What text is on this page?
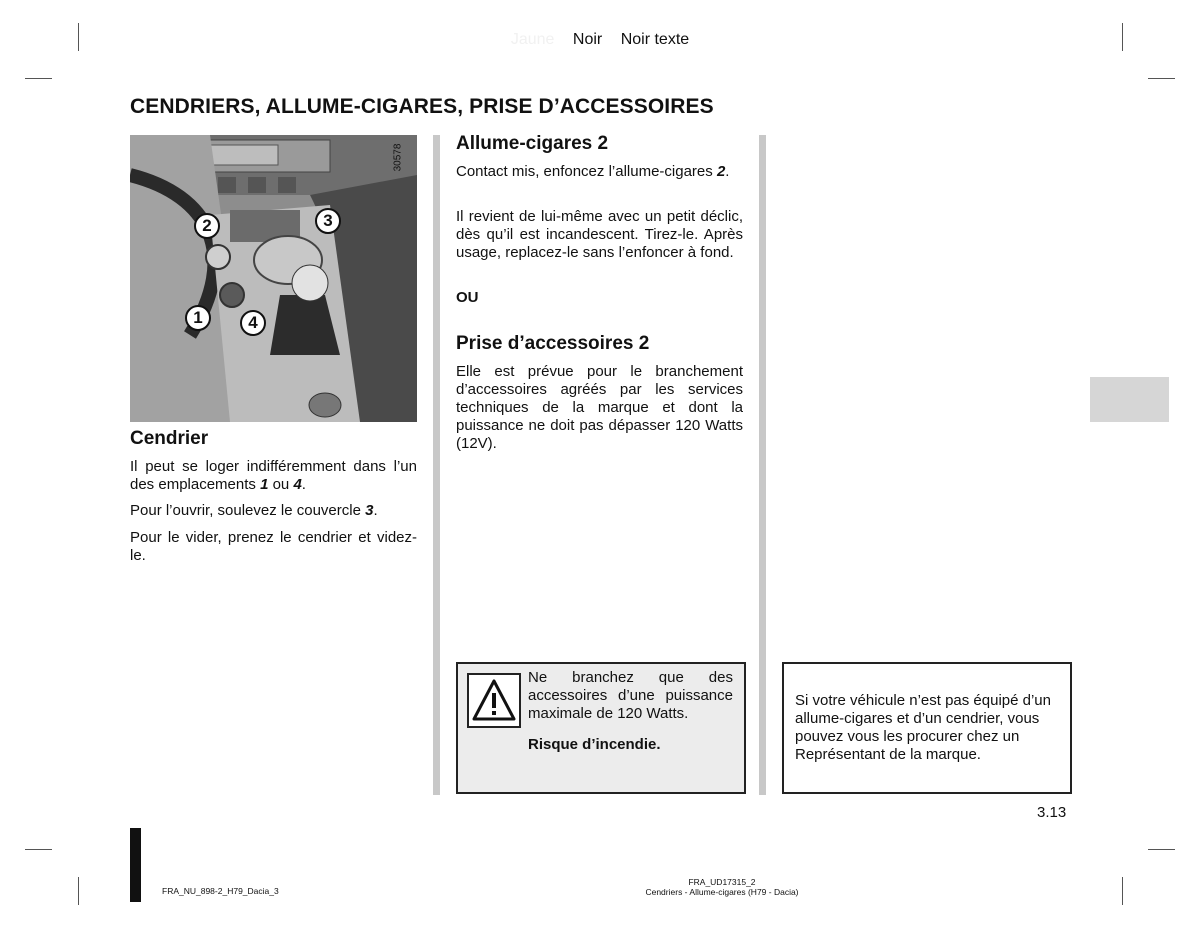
Jaune Noir Noir texte
CENDRIERS, ALLUME-CIGARES, PRISE D’ACCESSOIRES
1
2	3
4
30578
Cendrier

Il peut se loger indifféremment dans l’un des emplacements 1 ou 4.

Pour l’ouvrir, soulevez le couvercle 3.

Pour le vider, prenez le cendrier et videz-le.

Allume-cigares 2

Contact mis, enfoncez l’allume-cigares 2.

Il revient de lui-même avec un petit déclic, dès qu’il est incandescent. Tirez-le. Après usage, replacez-le sans l’enfoncer à fond.

OU

Prise d’accessoires 2

Elle est prévue pour le branchement d’accessoires agréés par les services techniques de la marque et dont la puissance ne doit pas dépasser 120 Watts (12V).

Ne branchez que des accessoires d’une puissance maximale de 120 Watts.
Risque d’incendie.
Si votre véhicule n’est pas équipé d’un allume-cigares et d’un cendrier, vous pouvez vous les procurer chez un Représentant de la marque.
3.13
FRA_NU_898-2_H79_Dacia_3
FRA_UD17315_2
Cendriers - Allume-cigares (H79 - Dacia)
